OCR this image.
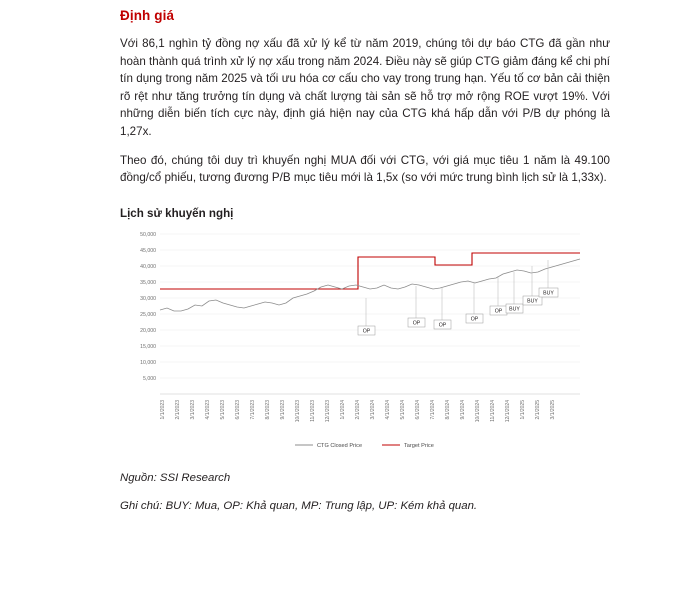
Định giá

Với 86,1 nghìn tỷ đồng nợ xấu đã xử lý kể từ năm 2019, chúng tôi dự báo CTG đã gần như hoàn thành quá trình xử lý nợ xấu trong năm 2024. Điều này sẽ giúp CTG giảm đáng kể chi phí tín dụng trong năm 2025 và tối ưu hóa cơ cấu cho vay trong trung hạn. Yếu tố cơ bản cải thiện rõ rệt như tăng trưởng tín dụng và chất lượng tài sản sẽ hỗ trợ mở rộng ROE vượt 19%. Với những diễn biến tích cực này, định giá hiện nay của CTG khá hấp dẫn với P/B dự phóng là 1,27x.

Theo đó, chúng tôi duy trì khuyến nghị MUA đối với CTG, với giá mục tiêu 1 năm là 49.100 đồng/cổ phiếu, tương đương P/B mục tiêu mới là 1,5x (so với mức trung bình lịch sử là 1,33x).

Lịch sử khuyến nghị
50,000
45,000
40,000
35,000
30,000
25,000
20,000
15,000
10,000
5,000
OP
OP	OP
OP
OP BUY
BUY
BUY
1/1/2023 2/1/2023 3/1/2023 4/1/2023 5/1/2023 6/1/2023 7/1/2023 8/1/2023 9/1/2023 10/1/2023 11/1/2023 12/1/2023 1/1/2024 2/1/2024 3/1/2024 4/1/2024 5/1/2024 6/1/2024 7/1/2024 8/1/2024 9/1/2024 10/1/2024 11/1/2024 12/1/2024 1/1/2025 2/1/2025 3/1/2025
CTG Closed Price	Target Price
Nguồn: SSI Research
Ghi chú: BUY: Mua, OP: Khả quan, MP: Trung lập, UP: Kém khả quan.
